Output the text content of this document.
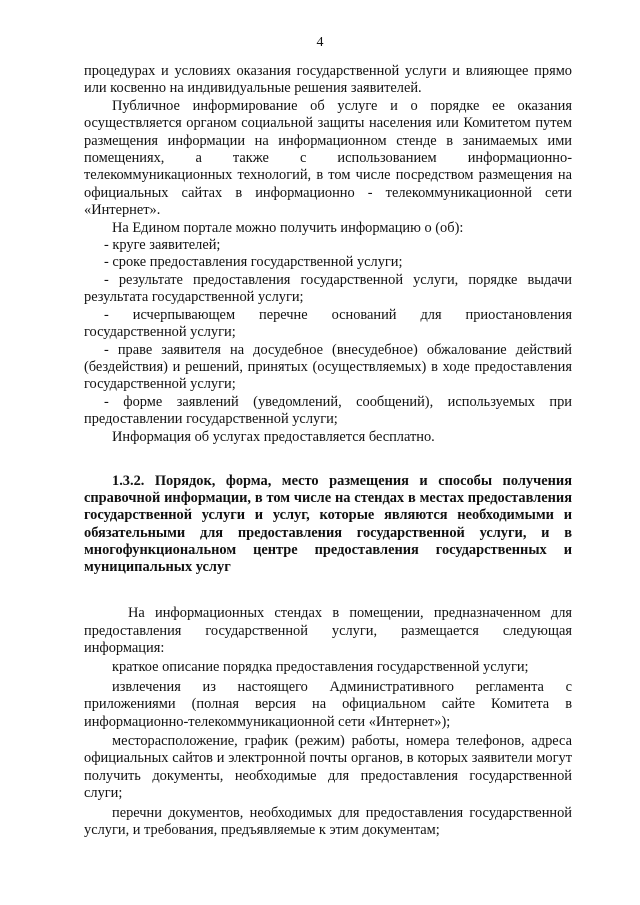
4

процедурах и условиях оказания государственной услуги и влияющее прямо или косвенно на индивидуальные решения заявителей.

Публичное информирование об услуге и о порядке ее оказания осуществляется органом социальной защиты населения или Комитетом путем размещения информации на информационном стенде в занимаемых ими помещениях, а также с использованием информационно-телекоммуникационных технологий, в том числе посредством размещения на официальных сайтах в информационно - телекоммуникационной сети «Интернет».

На Едином портале можно получить информацию о (об):

- круге заявителей;

- сроке предоставления государственной услуги;

- результате предоставления государственной услуги, порядке выдачи результата государственной услуги;

- исчерпывающем перечне оснований для приостановления государственной услуги;

- праве заявителя на досудебное (внесудебное) обжалование действий (бездействия) и решений, принятых (осуществляемых) в ходе предоставления государственной услуги;

- форме заявлений (уведомлений, сообщений), используемых при предоставлении государственной услуги;

Информация об услугах предоставляется бесплатно.

1.3.2. Порядок, форма, место размещения и способы получения справочной информации, в том числе на стендах в местах предоставления государственной услуги и услуг, которые являются необходимыми и обязательными для предоставления государственной услуги, и в многофункциональном центре предоставления государственных и муниципальных услуг

На информационных стендах в помещении, предназначенном для предоставления государственной услуги, размещается следующая информация:

краткое описание порядка предоставления государственной услуги;

извлечения из настоящего Административного регламента с приложениями (полная версия на официальном сайте Комитета в информационно-телекоммуникационной сети «Интернет»);

месторасположение, график (режим) работы, номера телефонов, адреса официальных сайтов и электронной почты органов, в которых заявители могут получить документы, необходимые для предоставления государственной слуги;

перечни документов, необходимых для предоставления государственной услуги, и требования, предъявляемые к этим документам;
